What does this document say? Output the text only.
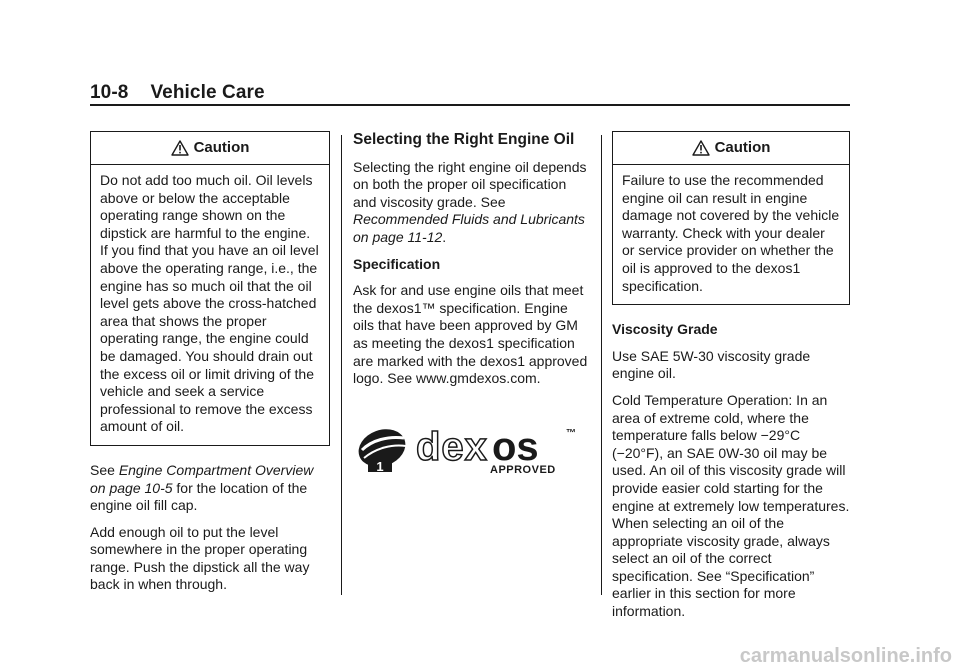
10-8 Vehicle Care
Caution
Do not add too much oil. Oil levels above or below the acceptable operating range shown on the dipstick are harmful to the engine. If you find that you have an oil level above the operating range, i.e., the engine has so much oil that the oil level gets above the cross-hatched area that shows the proper operating range, the engine could be damaged. You should drain out the excess oil or limit driving of the vehicle and seek a service professional to remove the excess amount of oil.

See Engine Compartment Overview on page 10-5 for the location of the engine oil fill cap.

Add enough oil to put the level somewhere in the proper operating range. Push the dipstick all the way back in when through.

Selecting the Right Engine Oil

Selecting the right engine oil depends on both the proper oil specification and viscosity grade. See Recommended Fluids and Lubricants on page 11-12.

Specification

Ask for and use engine oils that meet the dexos1™ specification. Engine oils that have been approved by GM as meeting the dexos1 specification are marked with the dexos1 approved logo. See www.gmdexos.com.

1 dex os	™
APPROVED
Caution
Failure to use the recommended engine oil can result in engine damage not covered by the vehicle warranty. Check with your dealer or service provider on whether the oil is approved to the dexos1 specification.

Viscosity Grade

Use SAE 5W-30 viscosity grade engine oil.

Cold Temperature Operation: In an area of extreme cold, where the temperature falls below −29°C (−20°F), an SAE 0W-30 oil may be used. An oil of this viscosity grade will provide easier cold starting for the engine at extremely low temperatures. When selecting an oil of the appropriate viscosity grade, always select an oil of the correct specification. See “Specification” earlier in this section for more information.

carmanualsonline.info
